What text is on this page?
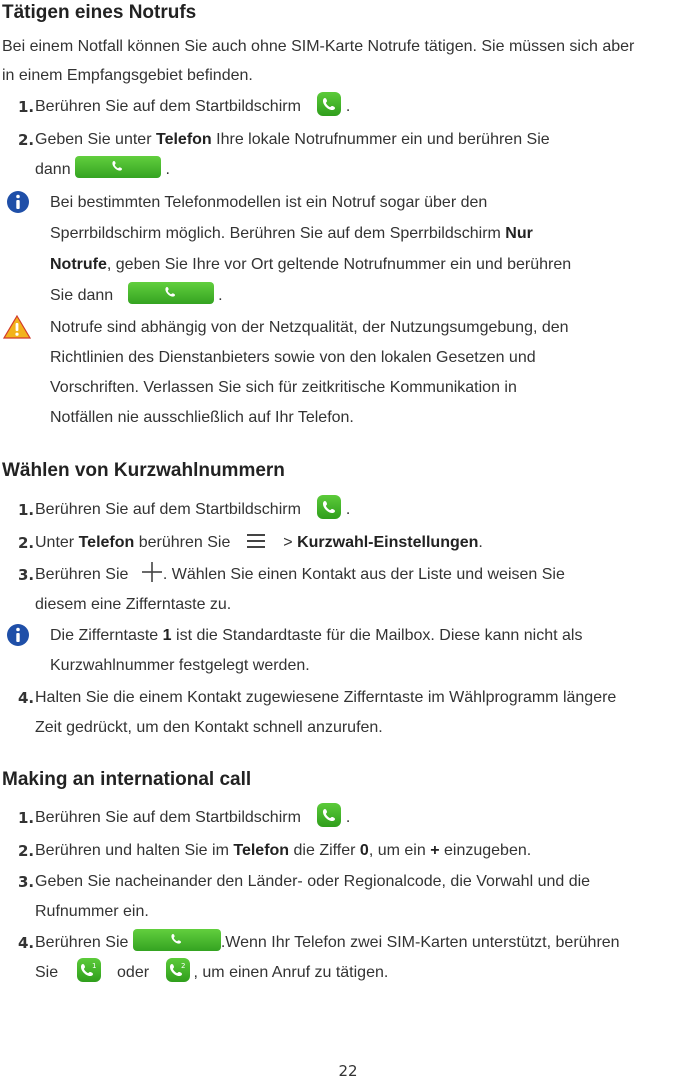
Tätigen eines Notrufs
Bei einem Notfall können Sie auch ohne SIM-Karte Notrufe tätigen. Sie müssen sich aber
in einem Empfangsgebiet befinden.
1. Berühren Sie auf dem Startbildschirm	.
2. Geben Sie unter Telefon Ihre lokale Notrufnummer ein und berühren Sie
dann	.
Bei bestimmten Telefonmodellen ist ein Notruf sogar über den
Sperrbildschirm möglich. Berühren Sie auf dem Sperrbildschirm Nur
Notrufe, geben Sie Ihre vor Ort geltende Notrufnummer ein und berühren
Sie dann	.
Notrufe sind abhängig von der Netzqualität, der Nutzungsumgebung, den
Richtlinien des Dienstanbieters sowie von den lokalen Gesetzen und
Vorschriften. Verlassen Sie sich für zeitkritische Kommunikation in
Notfällen nie ausschließlich auf Ihr Telefon.
Wählen von Kurzwahlnummern
1. Berühren Sie auf dem Startbildschirm	.
2. Unter Telefon berühren Sie	> Kurzwahl-Einstellungen.
3. Berühren Sie . Wählen Sie einen Kontakt aus der Liste und weisen Sie
diesem eine Zifferntaste zu.
Die Zifferntaste 1 ist die Standardtaste für die Mailbox. Diese kann nicht als
Kurzwahlnummer festgelegt werden.
4. Halten Sie die einem Kontakt zugewiesene Zifferntaste im Wählprogramm längere
Zeit gedrückt, um den Kontakt schnell anzurufen.
Making an international call
1. Berühren Sie auf dem Startbildschirm	.
2. Berühren und halten Sie im Telefon die Ziffer 0, um ein + einzugeben.
3. Geben Sie nacheinander den Länder- oder Regionalcode, die Vorwahl und die
Rufnummer ein.
4. Berühren Sie	.Wenn Ihr Telefon zwei SIM-Karten unterstützt, berühren
Sie	1 oder	2 , um einen Anruf zu tätigen.
22
